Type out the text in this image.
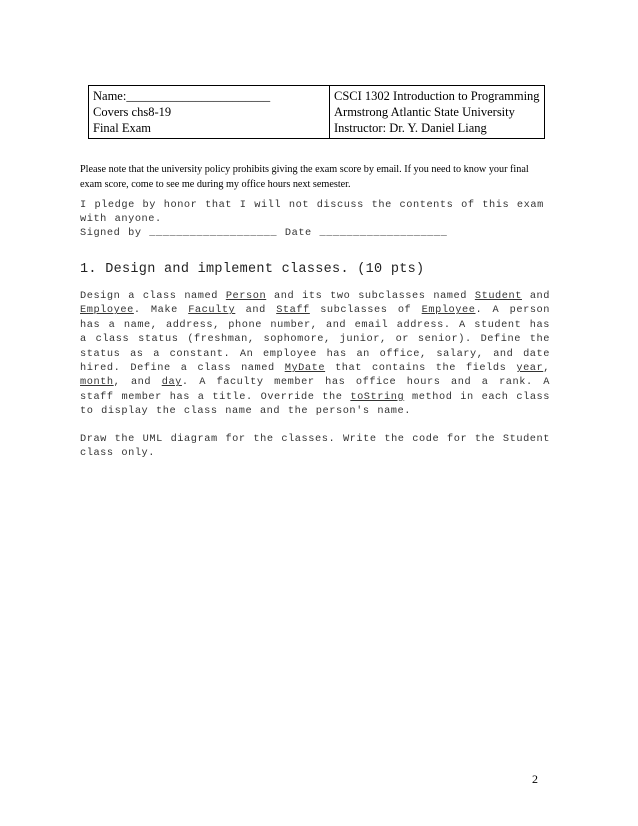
Name:_______________________
Covers chs8-19
Final Exam

CSCI 1302 Introduction to Programming
Armstrong Atlantic State University
Instructor: Dr. Y. Daniel Liang
Please note that the university policy prohibits giving the exam score by email. If you need to know your final exam score, come to see me during my office hours next semester.
I pledge by honor that I will not discuss the contents of this exam with anyone.
Signed by ___________________ Date ___________________
1. Design and implement classes. (10 pts)

Design a class named Person and its two subclasses named Student and Employee. Make Faculty and Staff subclasses of Employee. A person has a name, address, phone number, and email address. A student has a class status (freshman, sophomore, junior, or senior). Define the status as a constant. An employee has an office, salary, and date hired. Define a class named MyDate that contains the fields year, month, and day. A faculty member has office hours and a rank. A staff member has a title. Override the toString method in each class to display the class name and the person's name.

Draw the UML diagram for the classes. Write the code for the Student class only.

2
